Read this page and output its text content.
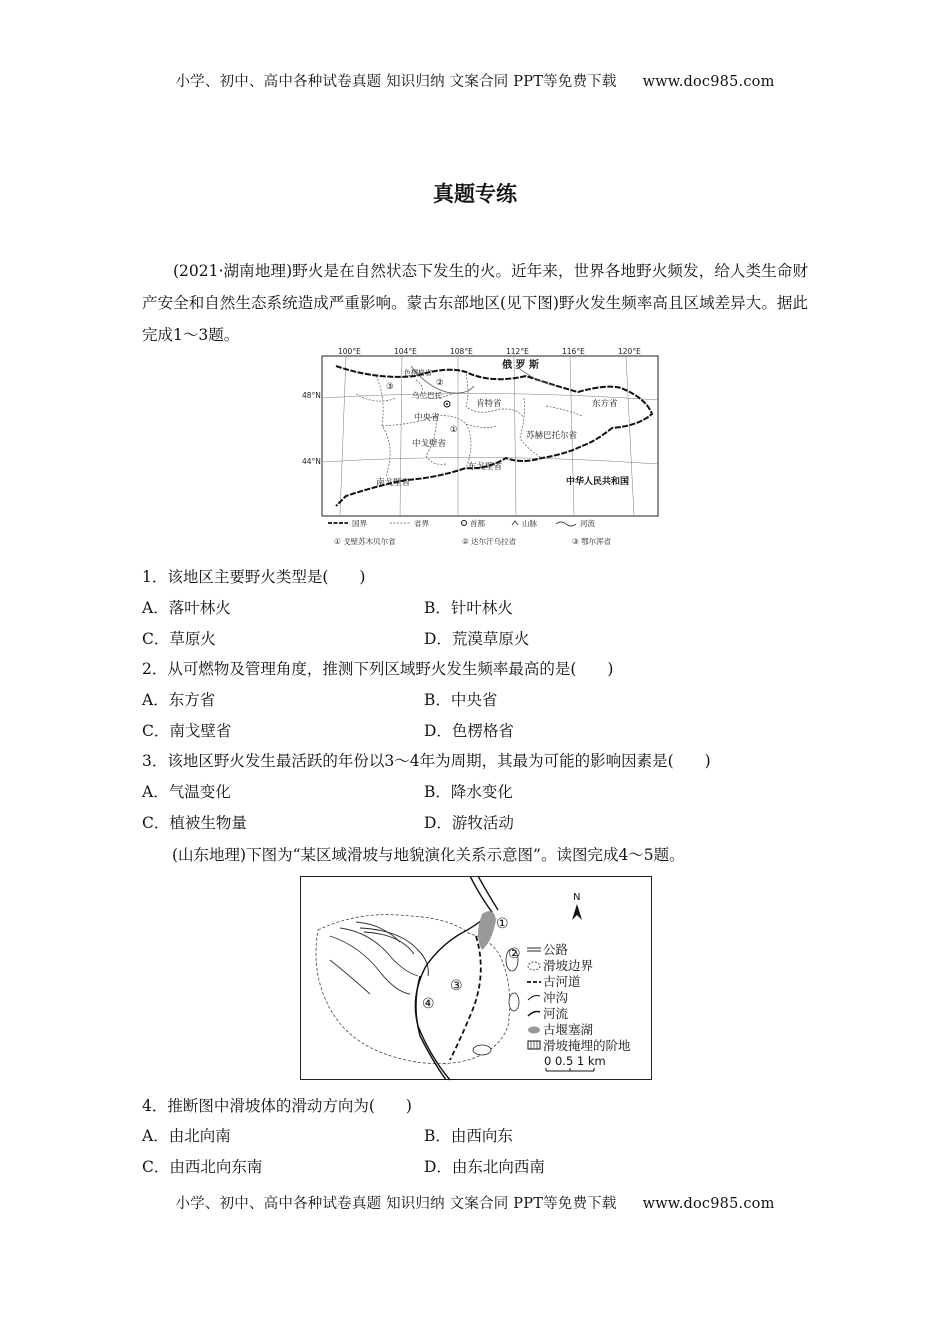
小学、初中、高中各种试卷真题 知识归纳 文案合同 PPT等免费下载 www.doc985.com
真题专练
(2021·湖南地理)野火是在自然状态下发生的火。近年来，世界各地野火频发，给人类生命财产安全和自然生态系统造成严重影响。蒙古东部地区(见下图)野火发生频率高且区域差异大。据此完成1～3题。
100°E	104°E	108°E	112°E	116°E	120°E
48°N
44°N
俄 罗 斯
色楞格省
③	②
乌兰巴托
肯特省	东方省
中央省
①
中戈壁省
苏赫巴托尔省
东戈壁省
南戈壁省	中华人民共和国
国界	省界	首都	山脉	河流
① 戈壁苏木贝尔省	② 达尔汗乌拉省	③ 鄂尔浑省
1．该地区主要野火类型是(　　)
A．落叶林火	B．针叶林火
C．草原火	D．荒漠草原火
2．从可燃物及管理角度，推测下列区域野火发生频率最高的是(　　)
A．东方省	B．中央省
C．南戈壁省	D．色楞格省
3．该地区野火发生最活跃的年份以3～4年为周期，其最为可能的影响因素是(　　)
A．气温变化	B．降水变化
C．植被生物量	D．游牧活动
(山东地理)下图为“某区域滑坡与地貌演化关系示意图”。读图完成4～5题。
①
②
③
④
N
公路
滑坡边界
古河道
冲沟
河流
古堰塞湖
滑坡掩埋的阶地
0 0.5 1 km
4．推断图中滑坡体的滑动方向为(　　)
A．由北向南	B．由西向东
C．由西北向东南	D．由东北向西南
小学、初中、高中各种试卷真题 知识归纳 文案合同 PPT等免费下载 www.doc985.com
